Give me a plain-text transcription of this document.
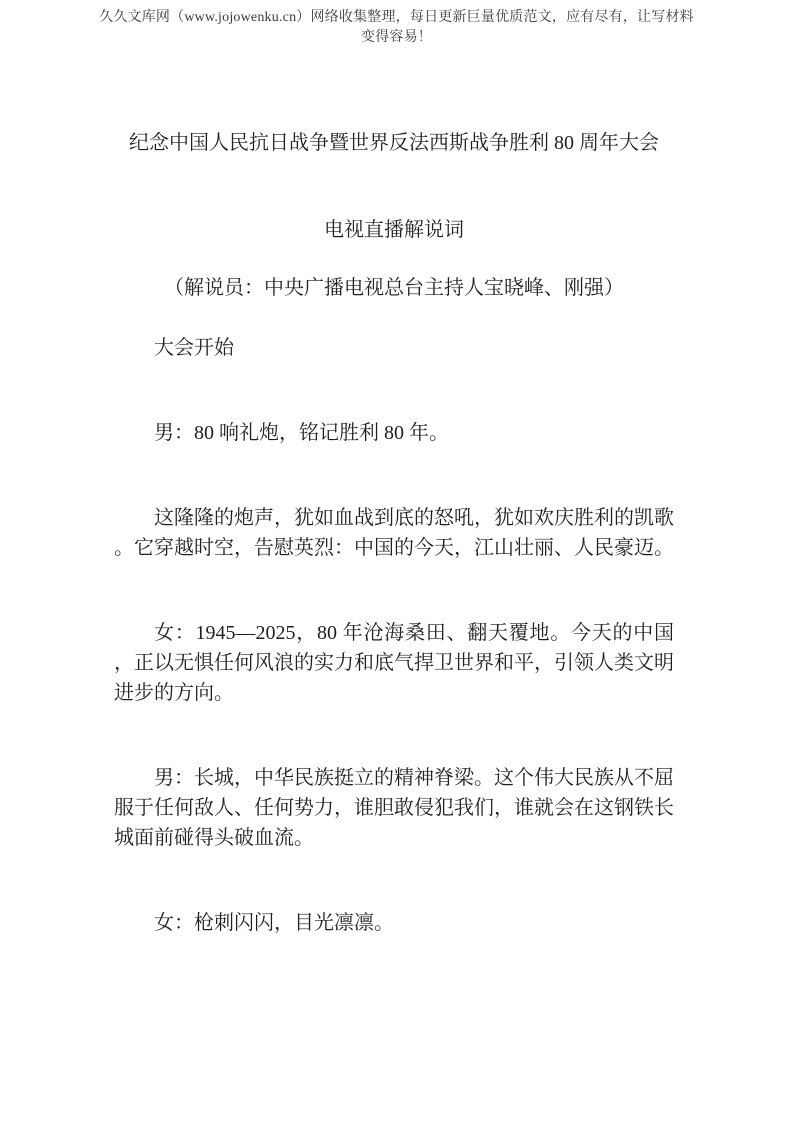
久久文库网（www.jojowenku.cn）网络收集整理，每日更新巨量优质范文，应有尽有，让写材料变得容易！
纪念中国人民抗日战争暨世界反法西斯战争胜利 80 周年大会
电视直播解说词
（解说员：中央广播电视总台主持人宝晓峰、刚强）
大会开始

男：80 响礼炮，铭记胜利 80 年。

这隆隆的炮声，犹如血战到底的怒吼，犹如欢庆胜利的凯歌。它穿越时空，告慰英烈：中国的今天，江山壮丽、人民豪迈。

女：1945—2025，80 年沧海桑田、翻天覆地。今天的中国，正以无惧任何风浪的实力和底气捍卫世界和平，引领人类文明进步的方向。

男：长城，中华民族挺立的精神脊梁。这个伟大民族从不屈服于任何敌人、任何势力，谁胆敢侵犯我们，谁就会在这钢铁长城面前碰得头破血流。

女：枪刺闪闪，目光凛凛。
